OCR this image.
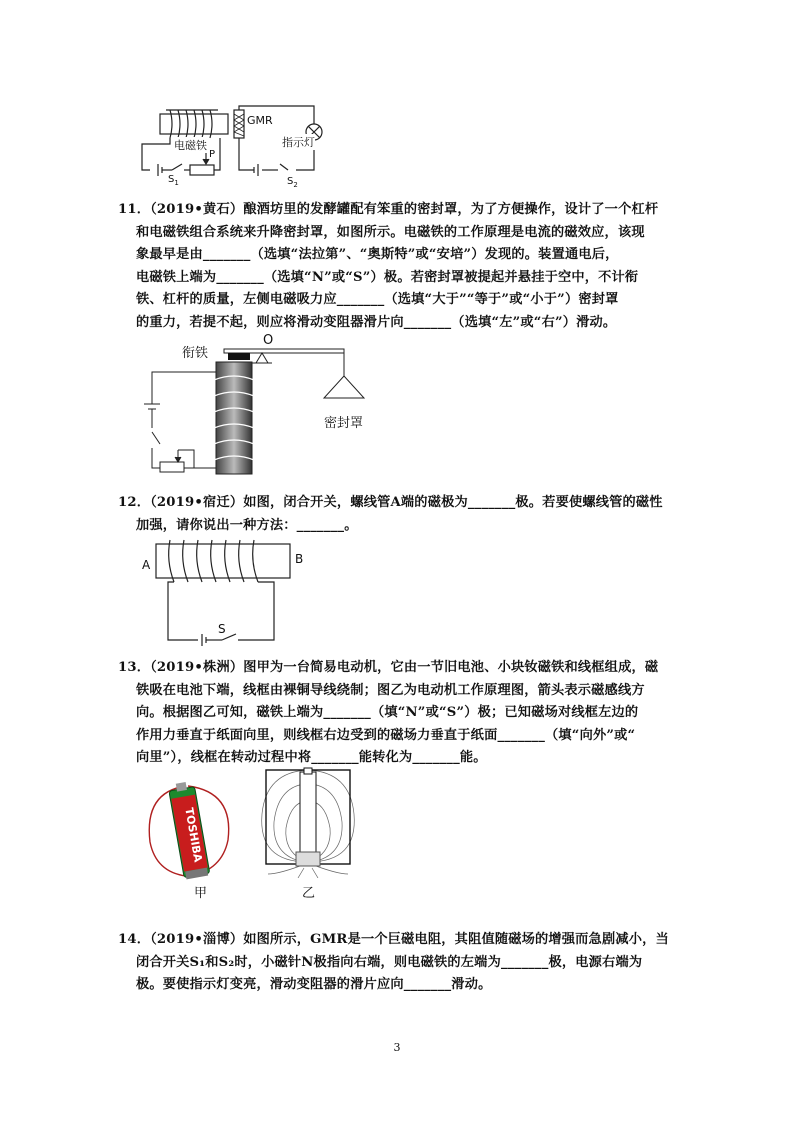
GMR
电磁铁	指示灯
P
$S_1$	$S_2$

11．（2019•黄石）酿酒坊里的发酵罐配有笨重的密封罩，为了方便操作，设计了一个杠杆

和电磁铁组合系统来升降密封罩，如图所示。电磁铁的工作原理是电流的磁效应，该现

象最早是由_______（选填“法拉第”、“奥斯特”或“安培”）发现的。装置通电后，

电磁铁上端为_______（选填“N”或“S”）极。若密封罩被提起并悬挂于空中，不计衔

铁、杠杆的质量，左侧电磁吸力应_______（选填“大于”“等于”或“小于”）密封罩

的重力，若提不起，则应将滑动变阻器滑片向_______（选填“左”或“右”）滑动。

衔铁
O
密封罩

12．（2019•宿迁）如图，闭合开关，螺线管A端的磁极为_______极。若要使螺线管的磁性

加强，请你说出一种方法：_______。

A	B
S

13．（2019•株洲）图甲为一台简易电动机，它由一节旧电池、小块钕磁铁和线框组成，磁

铁吸在电池下端，线框由裸铜导线绕制；图乙为电动机工作原理图，箭头表示磁感线方

向。根据图乙可知，磁铁上端为_______（填“N”或“S”）极；已知磁场对线框左边的

作用力垂直于纸面向里，则线框右边受到的磁场力垂直于纸面_______（填“向外”或“

向里”），线框在转动过程中将_______能转化为_______能。

TOSHIBA
甲	乙

14．（2019•淄博）如图所示，GMR是一个巨磁电阻，其阻值随磁场的增强而急剧减小，当

闭合开关S₁和S₂时，小磁针N极指向右端，则电磁铁的左端为_______极，电源右端为

极。要使指示灯变亮，滑动变阻器的滑片应向_______滑动。

3
